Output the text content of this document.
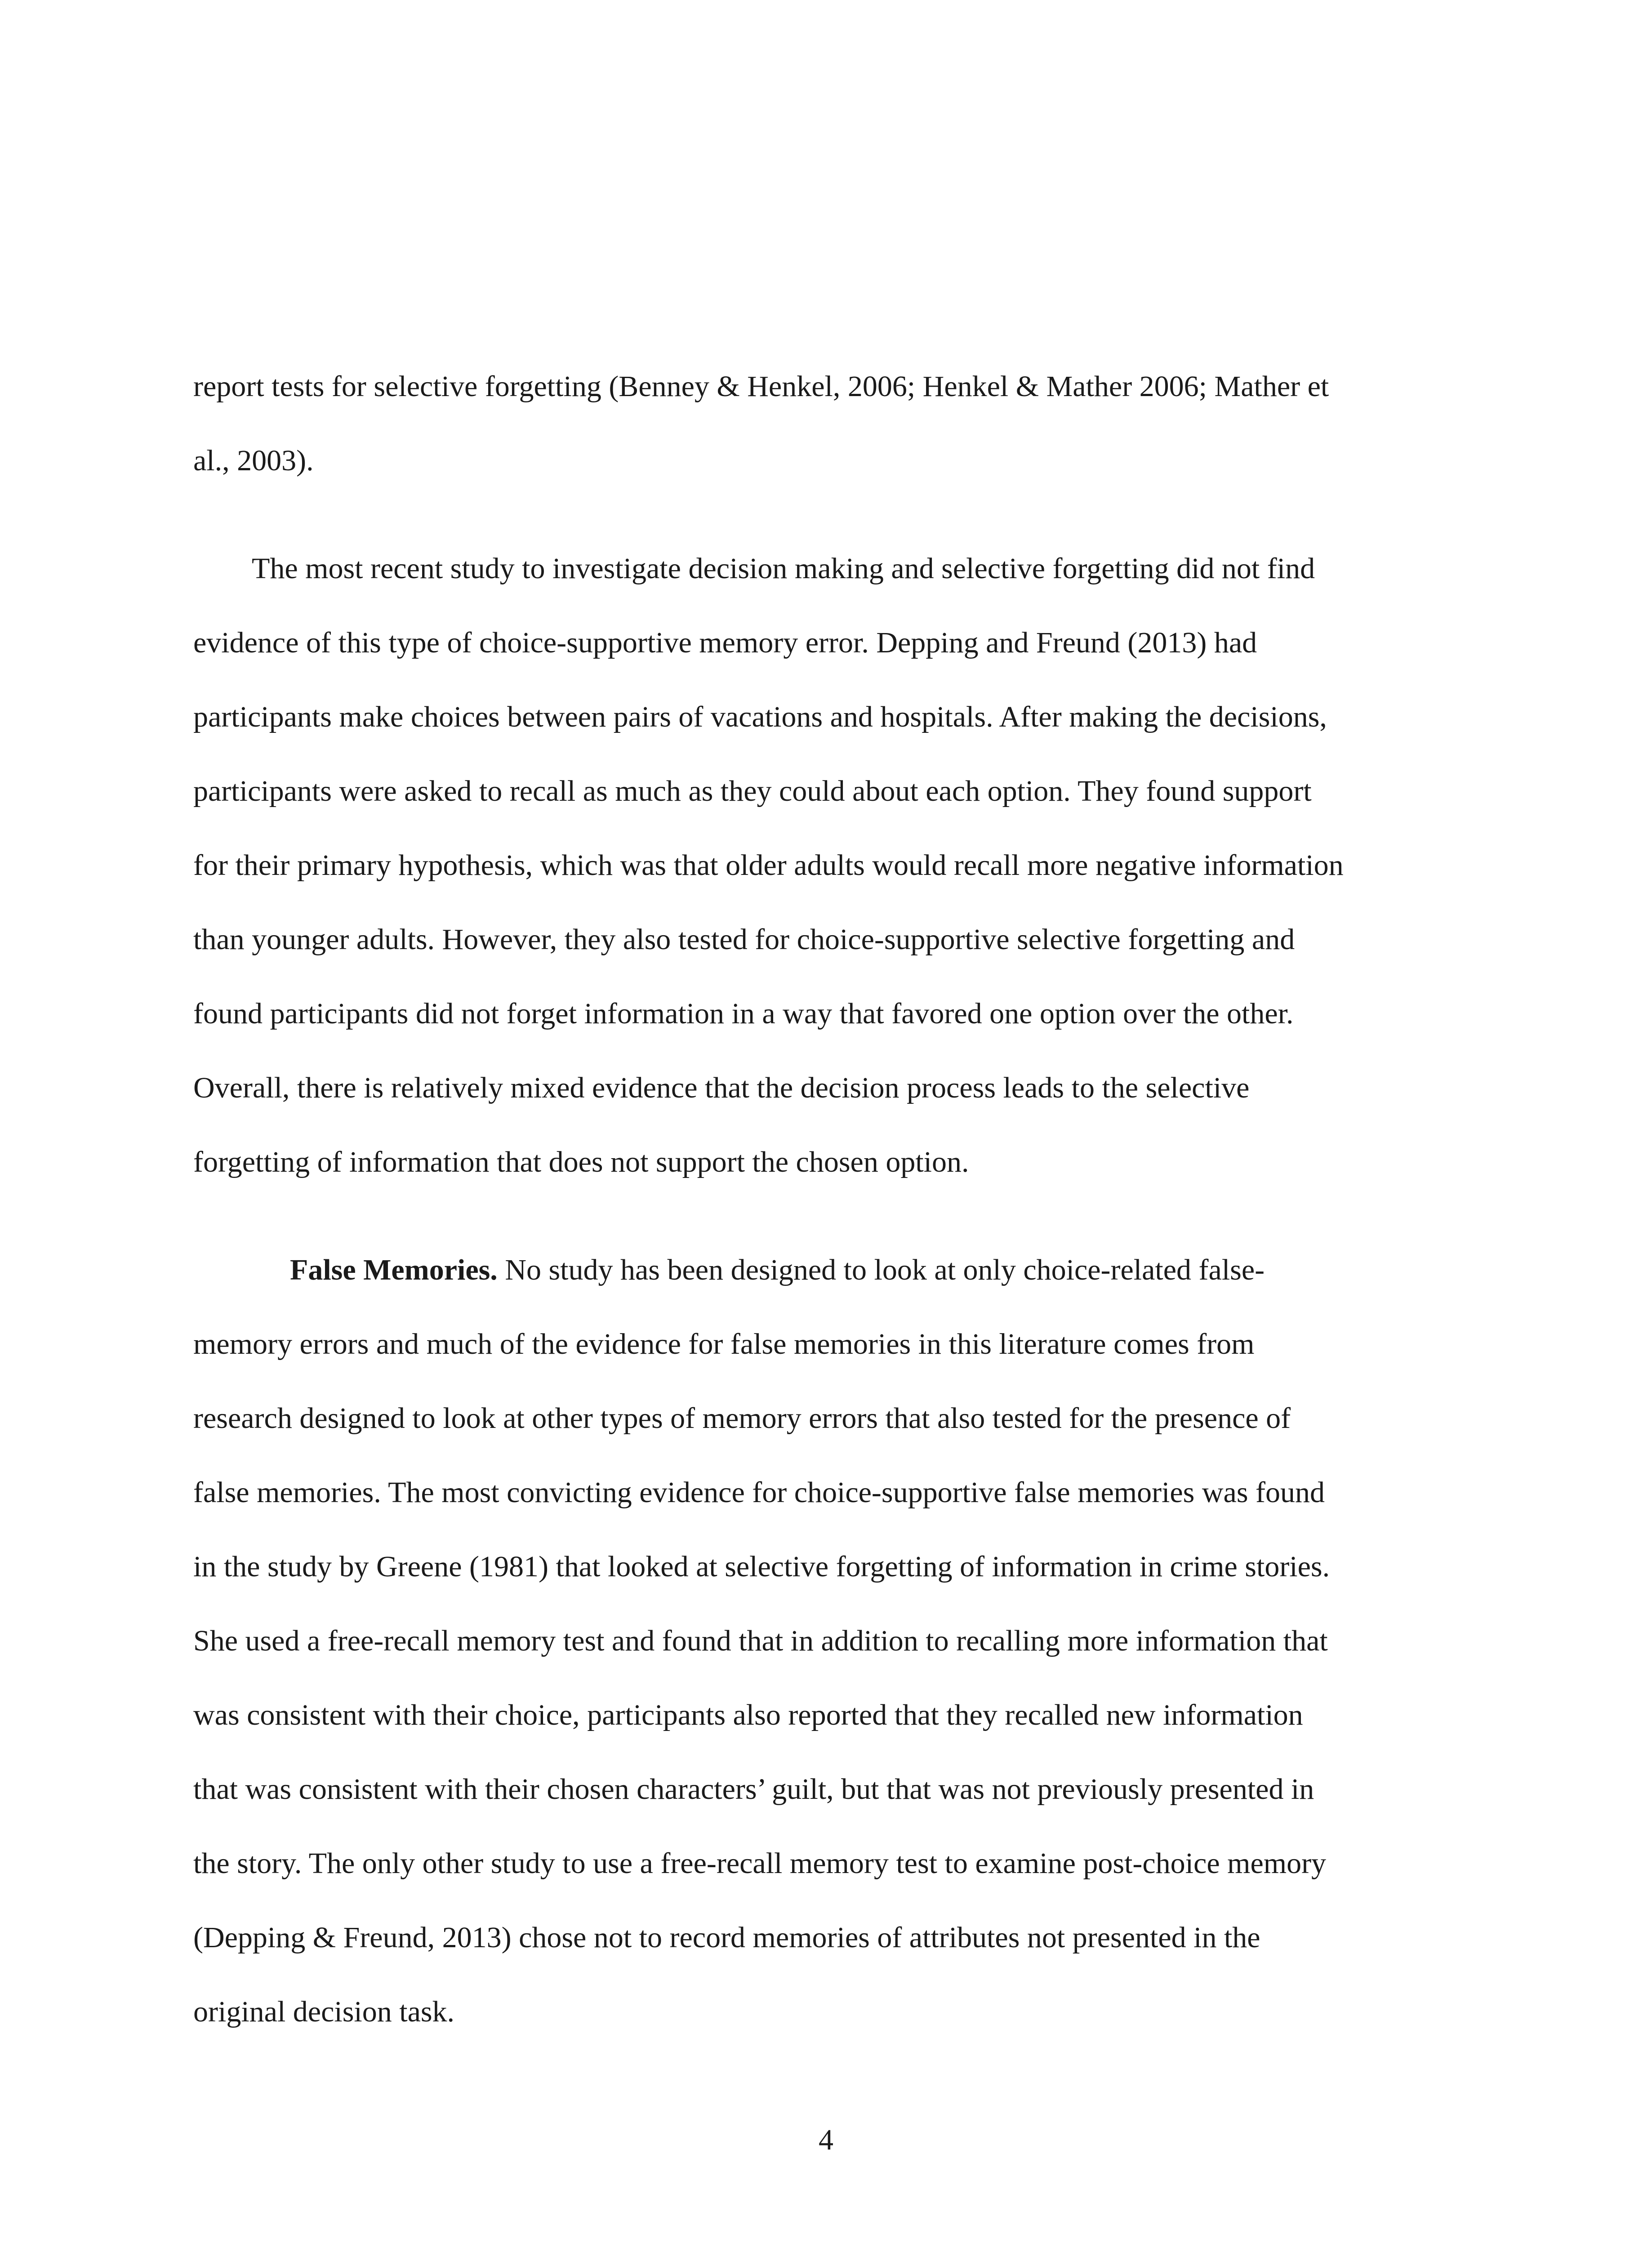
report tests for selective forgetting (Benney & Henkel, 2006; Henkel & Mather 2006; Mather et
al., 2003).
The most recent study to investigate decision making and selective forgetting did not find
evidence of this type of choice-supportive memory error. Depping and Freund (2013) had
participants make choices between pairs of vacations and hospitals. After making the decisions,
participants were asked to recall as much as they could about each option. They found support
for their primary hypothesis, which was that older adults would recall more negative information
than younger adults. However, they also tested for choice-supportive selective forgetting and
found participants did not forget information in a way that favored one option over the other.
Overall, there is relatively mixed evidence that the decision process leads to the selective
forgetting of information that does not support the chosen option.
False Memories. No study has been designed to look at only choice-related false-
memory errors and much of the evidence for false memories in this literature comes from
research designed to look at other types of memory errors that also tested for the presence of
false memories. The most convicting evidence for choice-supportive false memories was found
in the study by Greene (1981) that looked at selective forgetting of information in crime stories.
She used a free-recall memory test and found that in addition to recalling more information that
was consistent with their choice, participants also reported that they recalled new information
that was consistent with their chosen characters’ guilt, but that was not previously presented in
the story. The only other study to use a free-recall memory test to examine post-choice memory
(Depping & Freund, 2013) chose not to record memories of attributes not presented in the
original decision task.
4
